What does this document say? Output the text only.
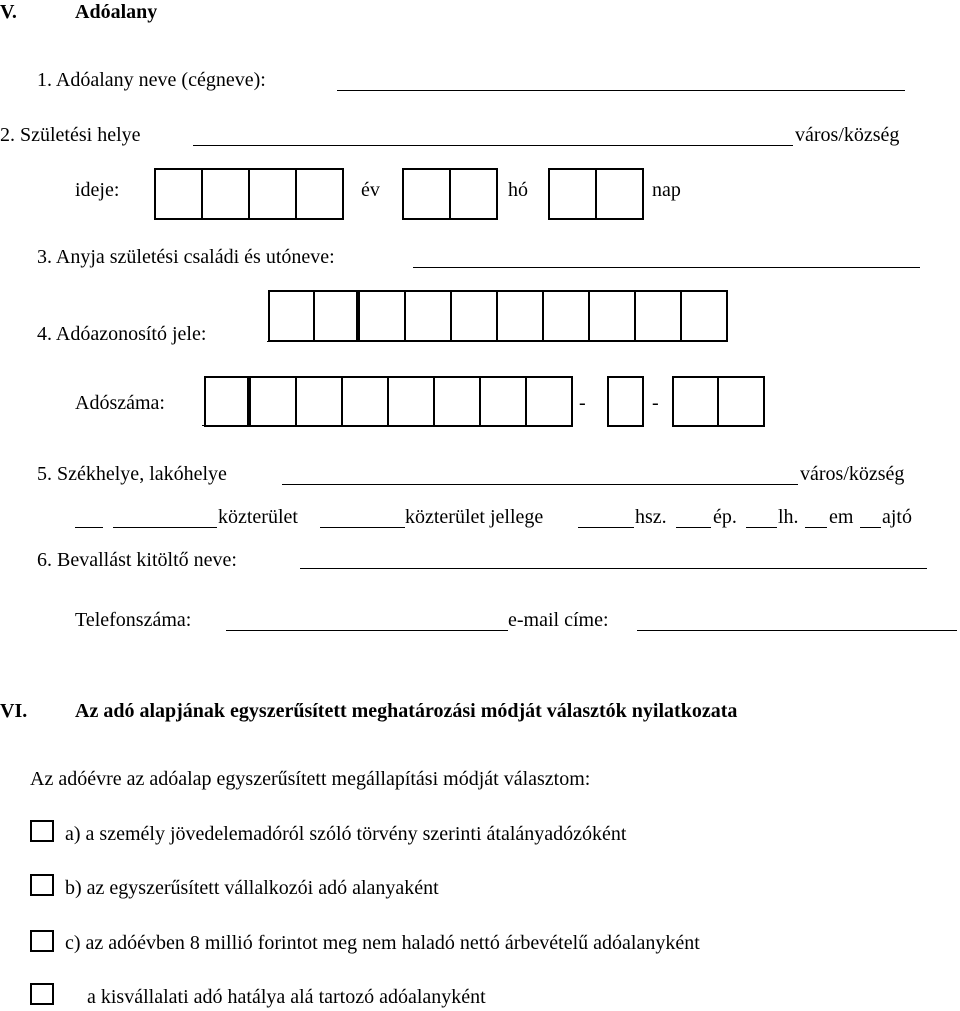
V.	Adóalany
1. Adóalany neve (cégneve):
2. Születési helye	város/község
ideje:	év	hó	nap
3. Anyja születési családi és utóneve:
4. Adóazonosító jele:
Adószáma:	-	-
5. Székhelye, lakóhelye	város/község
közterület	közterület jellege	hsz. ép. lh. em ajtó
6. Bevallást kitöltő neve:
Telefonszáma:	e-mail címe:
VI. Az adó alapjának egyszerűsített meghatározási módját választók nyilatkozata
Az adóévre az adóalap egyszerűsített megállapítási módját választom:
a) a személy jövedelemadóról szóló törvény szerinti átalányadózóként
b) az egyszerűsített vállalkozói adó alanyaként
c) az adóévben 8 millió forintot meg nem haladó nettó árbevételű adóalanyként
a kisvállalati adó hatálya alá tartozó adóalanyként
